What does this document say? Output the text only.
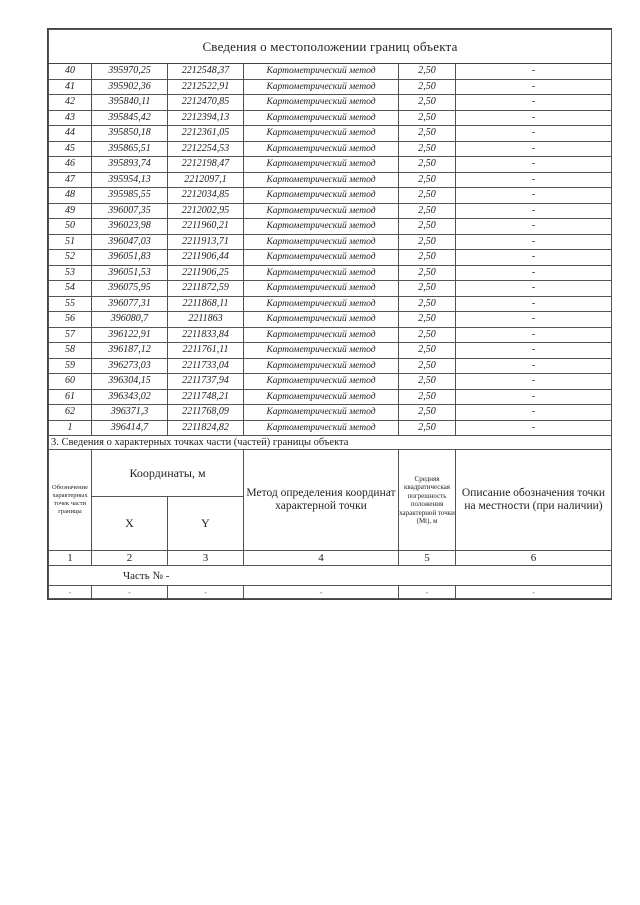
Сведения о местоположении границ объекта					
40	395970,25	2212548,37	Картометрический метод	2,50	-
41	395902,36	2212522,91	Картометрический метод	2,50	-
42	395840,11	2212470,85	Картометрический метод	2,50	-
43	395845,42	2212394,13	Картометрический метод	2,50	-
44	395850,18	2212361,05	Картометрический метод	2,50	-
45	395865,51	2212254,53	Картометрический метод	2,50	-
46	395893,74	2212198,47	Картометрический метод	2,50	-
47	395954,13	2212097,1	Картометрический метод	2,50	-
48	395985,55	2212034,85	Картометрический метод	2,50	-
49	396007,35	2212002,95	Картометрический метод	2,50	-
50	396023,98	2211960,21	Картометрический метод	2,50	-
51	396047,03	2211913,71	Картометрический метод	2,50	-
52	396051,83	2211906,44	Картометрический метод	2,50	-
53	396051,53	2211906,25	Картометрический метод	2,50	-
54	396075,95	2211872,59	Картометрический метод	2,50	-
55	396077,31	2211868,11	Картометрический метод	2,50	-
56	396080,7	2211863	Картометрический метод	2,50	-
57	396122,91	2211833,84	Картометрический метод	2,50	-
58	396187,12	2211761,11	Картометрический метод	2,50	-
59	396273,03	2211733,04	Картометрический метод	2,50	-
60	396304,15	2211737,94	Картометрический метод	2,50	-
61	396343,02	2211748,21	Картометрический метод	2,50	-
62	396371,3	2211768,09	Картометрический метод	2,50	-
1	396414,7	2211824,82	Картометрический метод	2,50	-
3. Сведения о характерных точках части (частей) границы объекта					
Обозначение характерных точек части границы	Координаты, м		Метод определения координат характерной точки	Средняя квадратическая погрешность положения характерной точки (Mt), м	Описание обозначения точки на местности (при наличии)
	X	Y			
1	2	3	4	5	6
Часть № -					
-	-	-	-	-	-
